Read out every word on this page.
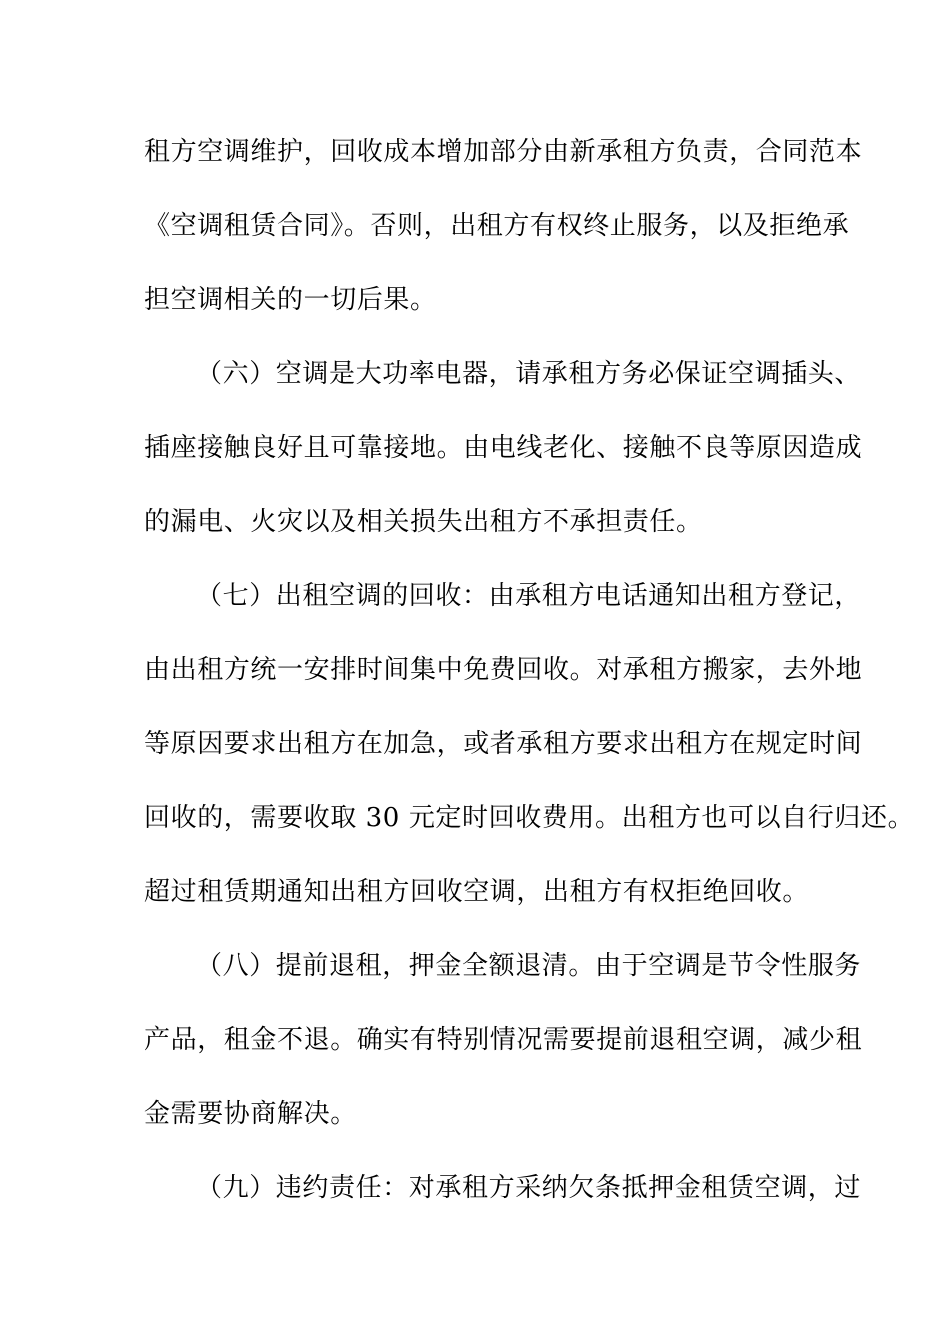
租方空调维护，回收成本增加部分由新承租方负责，合同范本
《空调租赁合同》。否则，出租方有权终止服务，以及拒绝承
担空调相关的一切后果。
（六）空调是大功率电器，请承租方务必保证空调插头、
插座接触良好且可靠接地。由电线老化、接触不良等原因造成
的漏电、火灾以及相关损失出租方不承担责任。
（七）出租空调的回收：由承租方电话通知出租方登记，
由出租方统一安排时间集中免费回收。对承租方搬家，去外地
等原因要求出租方在加急，或者承租方要求出租方在规定时间
回收的，需要收取 30 元定时回收费用。出租方也可以自行归还。
超过租赁期通知出租方回收空调，出租方有权拒绝回收。
（八）提前退租，押金全额退清。由于空调是节令性服务
产品，租金不退。确实有特别情况需要提前退租空调，减少租
金需要协商解决。
（九）违约责任：对承租方采纳欠条抵押金租赁空调，过
